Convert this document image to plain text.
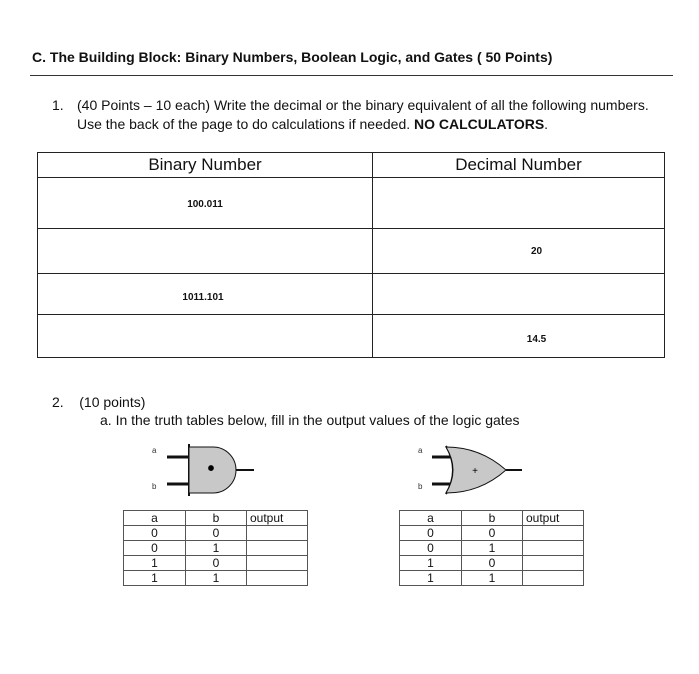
C. The Building Block: Binary Numbers, Boolean Logic, and Gates ( 50 Points)
1. (40 Points – 10 each) Write the decimal or the binary equivalent of all the following numbers. Use the back of the page to do calculations if needed. NO CALCULATORS.
Binary Number	Decimal Number

100.011	

	20

1011.101	

	14.5
2. (10 points)
a. In the truth tables below, fill in the output values of the logic gates
a
b
•
a
b
+
a	b	output
0	0	
0	1	
1	0	
1	1	
a	b	output
0	0	
0	1	
1	0	
1	1	
